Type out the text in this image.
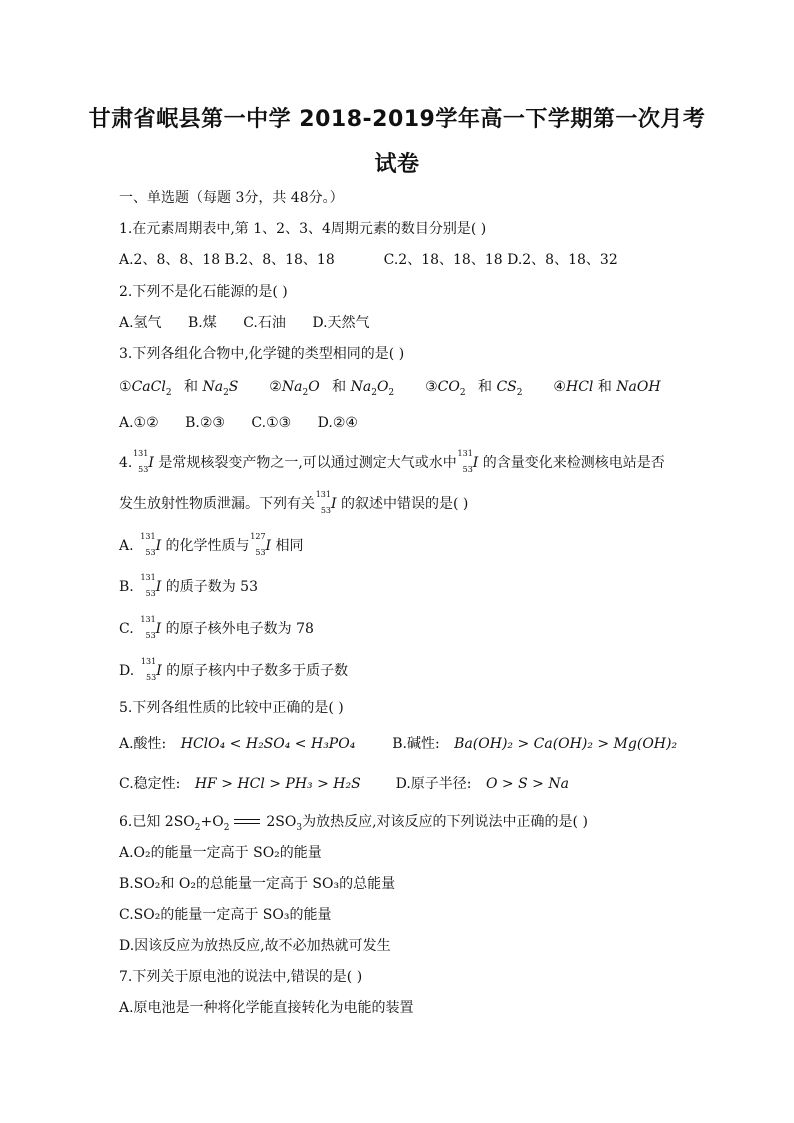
甘肃省岷县第一中学 2018-2019学年高一下学期第一次月考
试卷
一、单选题（每题 3分，共 48分。）
1.在元素周期表中,第 1、2、3、4周期元素的数目分别是( )
A.2、8、8、18 B.2、8、18、18	C.2、18、18、18 D.2、8、18、32
2.下列不是化石能源的是( )
A.氢气 B.煤 C.石油 D.天然气
3.下列各组化合物中,化学键的类型相同的是( )
①CaCl$_2$ 和 $Na_2S$ $②Na_2O$ 和 $Na_2O_2$ $③CO_2$ 和 $CS_2$ ④HCl 和 NaOH
A.①② B.②③ C.①③ D.②④
4.
131
53 I 是常规核裂变产物之一,可以通过测定大气或水中
131
53 I 的含量变化来检测核电站是否
发生放射性物质泄漏。下列有关
131
53 I 的叙述中错误的是( )
A.
131
53 I 的化学性质与
127
53 I 相同
B.
131
53 I 的质子数为 53
C.
131
53 I 的原子核外电子数为 78
D.
131
53 I 的原子核内中子数多于质子数
5.下列各组性质的比较中正确的是( )
A.酸性: HClO₄ < H₂SO₄ < H₃PO₄	B.碱性: Ba(OH)₂ > Ca(OH)₂ > Mg(OH)₂
C.稳定性: HF > HCl > PH₃ > H₂S D.原子半径: O > S > Na
6.已知 $2SO_2+O_2$	$2SO_3$为放热反应,对该反应的下列说法中正确的是( )
A.O₂的能量一定高于 SO₂的能量
B.SO₂和 O₂的总能量一定高于 SO₃的总能量
C.SO₂的能量一定高于 SO₃的能量
D.因该反应为放热反应,故不必加热就可发生
7.下列关于原电池的说法中,错误的是( )
A.原电池是一种将化学能直接转化为电能的装置
